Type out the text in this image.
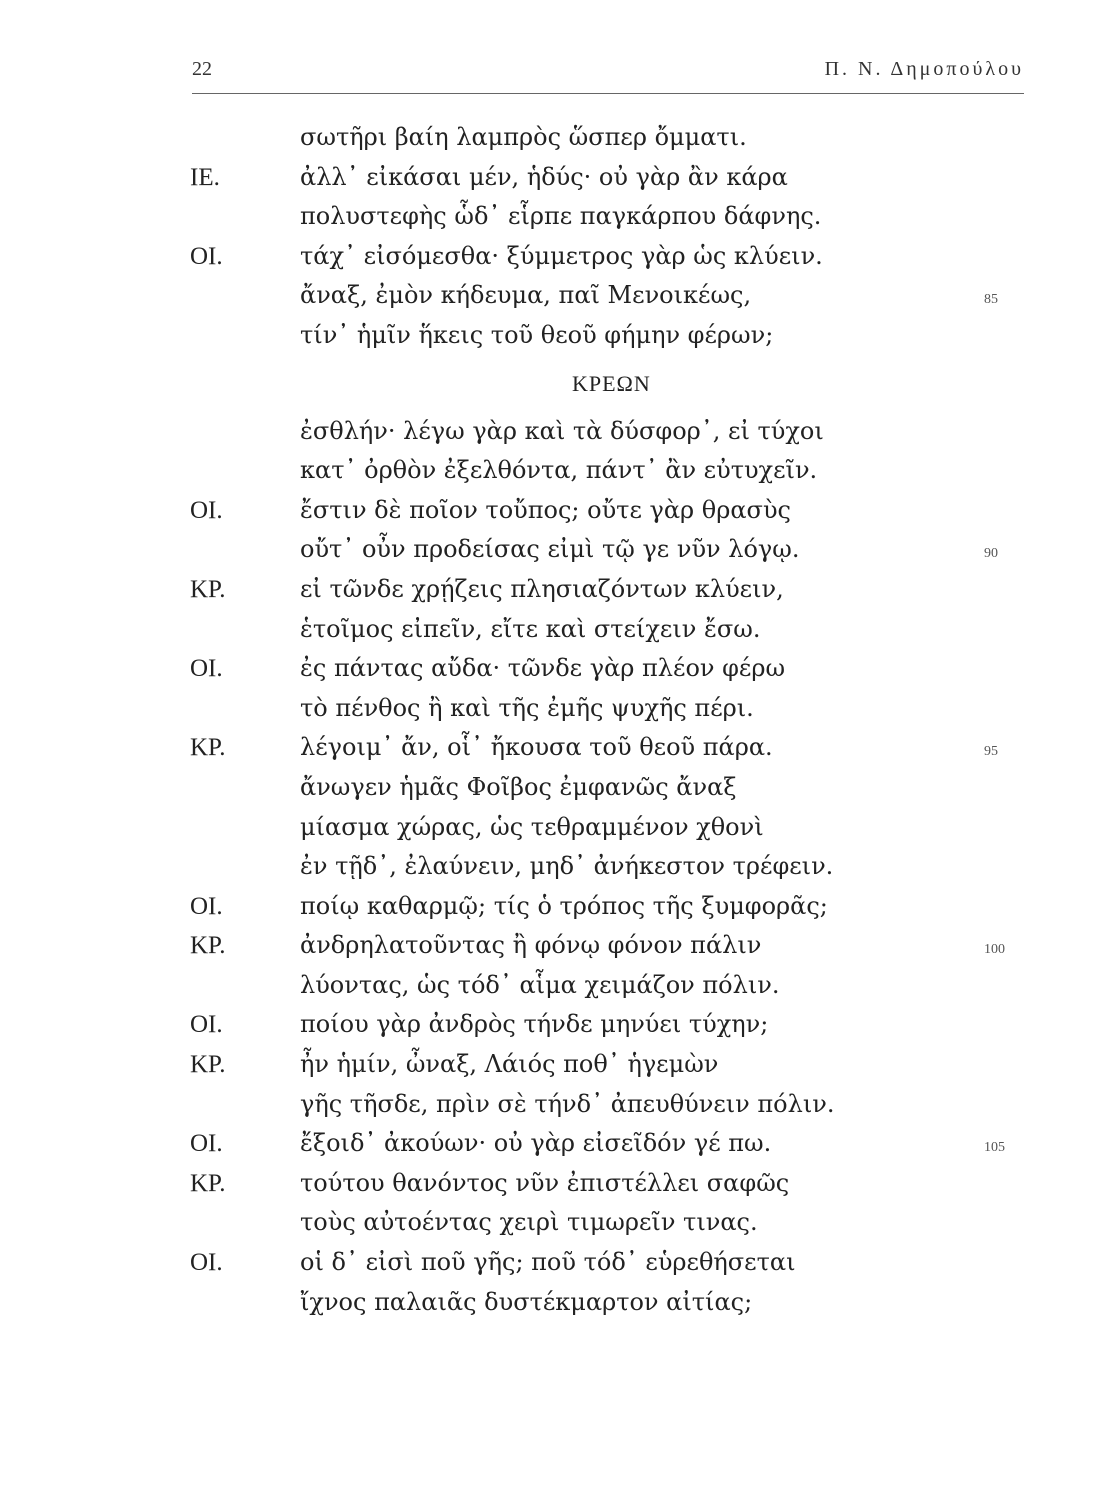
22	Π. Ν. Δημοπούλου
σωτῆρι βαίη λαμπρὸς ὥσπερ ὄμματι.
ΙΕ.	ἀλλ᾽ εἰκάσαι μέν, ἡδύς· οὐ γὰρ ἂν κάρα
πολυστεφὴς ὧδ᾽ εἷρπε παγκάρπου δάφνης.
ΟΙ.	τάχ᾽ εἰσόμεσθα· ξύμμετρος γὰρ ὡς κλύειν.
ἄναξ, ἐμὸν κήδευμα, παῖ Μενοικέως,	85
τίν᾽ ἡμῖν ἥκεις τοῦ θεοῦ φήμην φέρων;
ΚΡΕΩΝ
ἐσθλήν· λέγω γὰρ καὶ τὰ δύσφορ᾽, εἰ τύχοι
κατ᾽ ὀρθὸν ἐξελθόντα, πάντ᾽ ἂν εὐτυχεῖν.
ΟΙ.	ἔστιν δὲ ποῖον τοὔπος; οὔτε γὰρ θρασὺς
οὔτ᾽ οὖν προδείσας εἰμὶ τῷ γε νῦν λόγῳ.	90
ΚΡ.	εἰ τῶνδε χρῄζεις πλησιαζόντων κλύειν,
ἑτοῖμος εἰπεῖν, εἴτε καὶ στείχειν ἔσω.
ΟΙ.	ἐς πάντας αὔδα· τῶνδε γὰρ πλέον φέρω
τὸ πένθος ἢ καὶ τῆς ἐμῆς ψυχῆς πέρι.
ΚΡ.	λέγοιμ᾽ ἄν, οἷ᾽ ἤκουσα τοῦ θεοῦ πάρα.	95
ἄνωγεν ἡμᾶς Φοῖβος ἐμφανῶς ἄναξ
μίασμα χώρας, ὡς τεθραμμένον χθονὶ
ἐν τῇδ᾽, ἐλαύνειν, μηδ᾽ ἀνήκεστον τρέφειν.
ΟΙ.	ποίῳ καθαρμῷ; τίς ὁ τρόπος τῆς ξυμφορᾶς;
ΚΡ.	ἀνδρηλατοῦντας ἢ φόνῳ φόνον πάλιν	100
λύοντας, ὡς τόδ᾽ αἷμα χειμάζον πόλιν.
ΟΙ.	ποίου γὰρ ἀνδρὸς τήνδε μηνύει τύχην;
ΚΡ.	ἦν ἡμίν, ὦναξ, Λάιός ποθ᾽ ἡγεμὼν
γῆς τῆσδε, πρὶν σὲ τήνδ᾽ ἀπευθύνειν πόλιν.
ΟΙ.	ἔξοιδ᾽ ἀκούων· οὐ γὰρ εἰσεῖδόν γέ πω.	105
ΚΡ.	τούτου θανόντος νῦν ἐπιστέλλει σαφῶς
τοὺς αὐτοέντας χειρὶ τιμωρεῖν τινας.
ΟΙ.	οἱ δ᾽ εἰσὶ ποῦ γῆς; ποῦ τόδ᾽ εὑρεθήσεται
ἴχνος παλαιᾶς δυστέκμαρτον αἰτίας;
